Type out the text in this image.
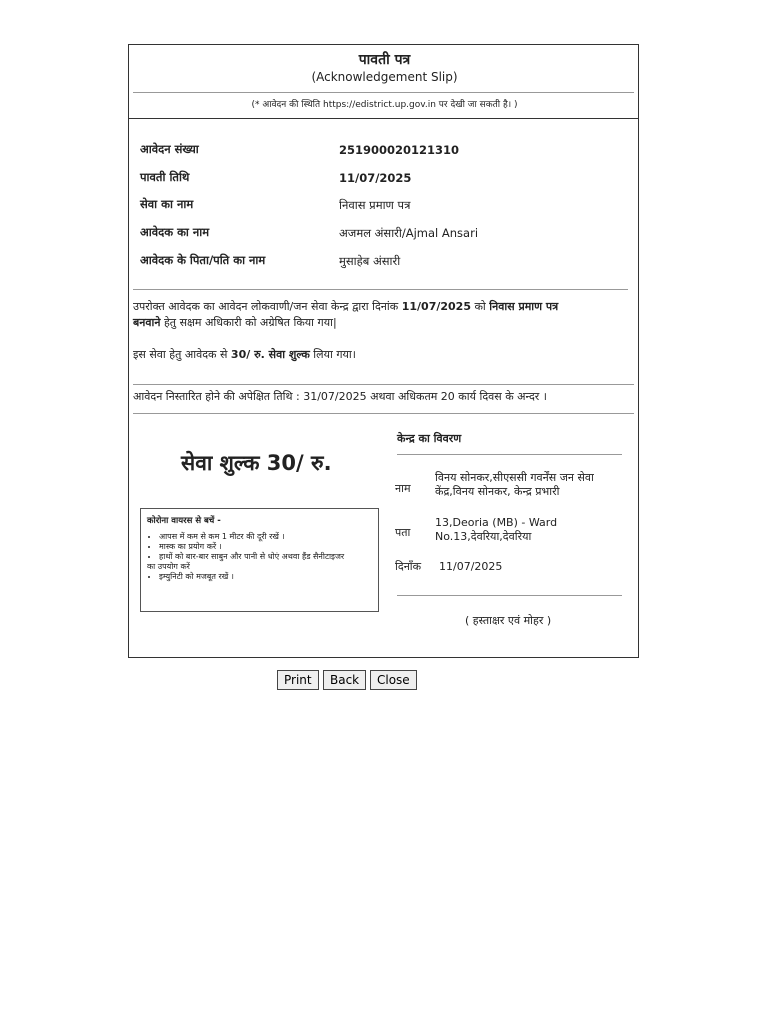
पावती पत्र
(Acknowledgement Slip)
(* आवेदन की स्थिति https://edistrict.up.gov.in पर देखी जा सकती है। )
आवेदन संख्या	251900020121310
पावती तिथि	11/07/2025
सेवा का नाम	निवास प्रमाण पत्र
आवेदक का नाम	अजमल अंसारी/Ajmal Ansari
आवेदक के पिता/पति का नाम	मुसाहेब अंसारी
उपरोक्त आवेदक का आवेदन लोकवाणी/जन सेवा केन्द्र द्वारा दिनांक 11/07/2025 को निवास प्रमाण पत्र
बनवाने हेतु सक्षम अधिकारी को अग्रेषित किया गया|
इस सेवा हेतु आवेदक से 30/ रु. सेवा शुल्क लिया गया।
आवेदन निस्तारित होने की अपेक्षित तिथि : 31/07/2025 अथवा अधिकतम 20 कार्य दिवस के अन्दर ।
सेवा शुल्क 30/ रु.
कोरोना वायरस से बचें -
• आपस में कम से कम 1 मीटर की दूरी रखें ।
• मास्क का प्रयोग करें ।
• हाथों को बार-बार साबुन और पानी से धोएं अथवा हैंड सैनीटाइजर
का उपयोग करें
• इम्युनिटी को मजबूत रखें ।
केन्द्र का विवरण
नाम
विनय सोनकर,सीएससी गवर्नेंस जन सेवा केंद्र,विनय सोनकर, केन्द्र प्रभारी
पता
13,Deoria (MB) - Ward No.13,देवरिया,देवरिया
दिनाँक 11/07/2025
( हस्ताक्षर एवं मोहर )
Print	Back	Close
